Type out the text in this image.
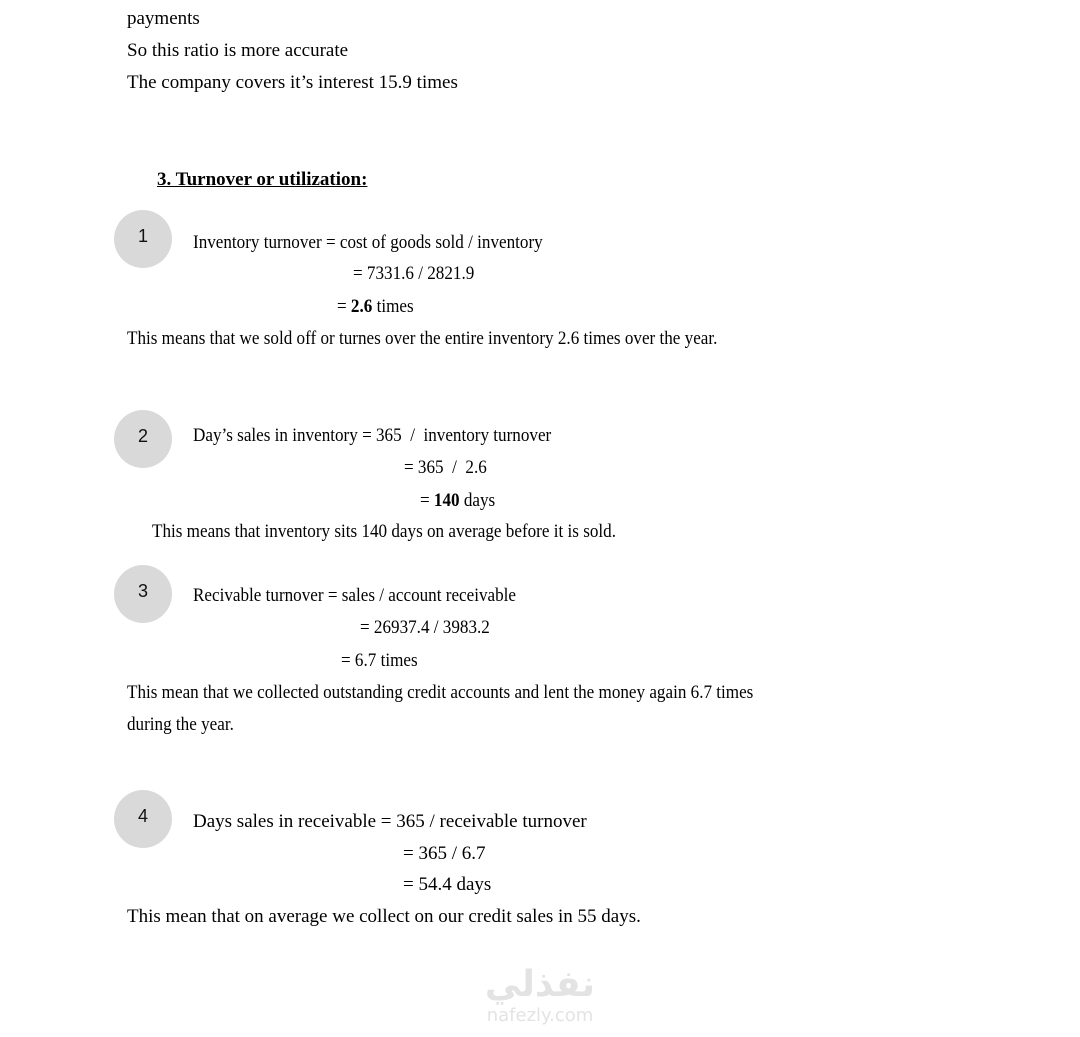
payments
So this ratio is more accurate
The company covers it’s interest 15.9 times
3. Turnover or utilization:
1 Inventory turnover = cost of goods sold / inventory
= 7331.6 / 2821.9
= 2.6 times
This means that we sold off or turnes over the entire inventory 2.6 times over the year.
2 Day’s sales in inventory = 365  /  inventory turnover
= 365  /  2.6
= 140 days
This means that inventory sits 140 days on average before it is sold.
3 Recivable turnover = sales / account receivable
= 26937.4 / 3983.2
= 6.7 times
This mean that we collected outstanding credit accounts and lent the money again 6.7 times
during the year.
4 Days sales in receivable = 365 / receivable turnover
= 365 / 6.7
= 54.4 days
This mean that on average we collect on our credit sales in 55 days.
نفذلي
nafezly.com
